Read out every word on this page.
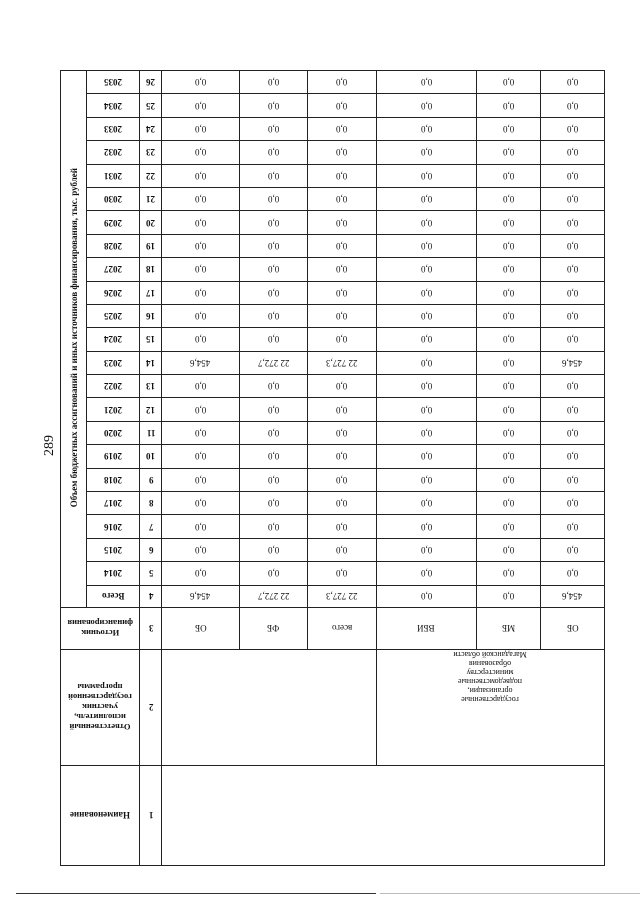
289	Объем бюджетных ассигнований и иных источников финансирования, тыс. рублей	2035	26	0,0	0,0	0,0	0,0	0,0	0,0
	2034	25	0,0	0,0	0,0	0,0	0,0	0,0
	2033	24	0,0	0,0	0,0	0,0	0,0	0,0
	2032	23	0,0	0,0	0,0	0,0	0,0	0,0
	2031	22	0,0	0,0	0,0	0,0	0,0	0,0
	2030	21	0,0	0,0	0,0	0,0	0,0	0,0
	2029	20	0,0	0,0	0,0	0,0	0,0	0,0
	2028	19	0,0	0,0	0,0	0,0	0,0	0,0
	2027	18	0,0	0,0	0,0	0,0	0,0	0,0
	2026	17	0,0	0,0	0,0	0,0	0,0	0,0
	2025	16	0,0	0,0	0,0	0,0	0,0	0,0
	2024	15	0,0	0,0	0,0	0,0	0,0	0,0
	2023	14	454,6	22 272,7	22 727,3	0,0	0,0	454,6
	2022	13	0,0	0,0	0,0	0,0	0,0	0,0
	2021	12	0,0	0,0	0,0	0,0	0,0	0,0
	2020	11	0,0	0,0	0,0	0,0	0,0	0,0
	2019	10	0,0	0,0	0,0	0,0	0,0	0,0
	2018	9	0,0	0,0	0,0	0,0	0,0	0,0
	2017	8	0,0	0,0	0,0	0,0	0,0	0,0
	2016	7	0,0	0,0	0,0	0,0	0,0	0,0
	2015	6	0,0	0,0	0,0	0,0	0,0	0,0
	2014	5	0,0	0,0	0,0	0,0	0,0	0,0
	Всего	4	454,6	22 272,7	22 727,3	0,0	0,0	454,6
Источник финансирования		3	ОБ	ФБ	всего	ВБИ	МБ	ОБ
Ответственный исполнитель, участник государственной программы		2				государственные организации, подведомственные министерству образования Магаданской области		
Наименование		1						
